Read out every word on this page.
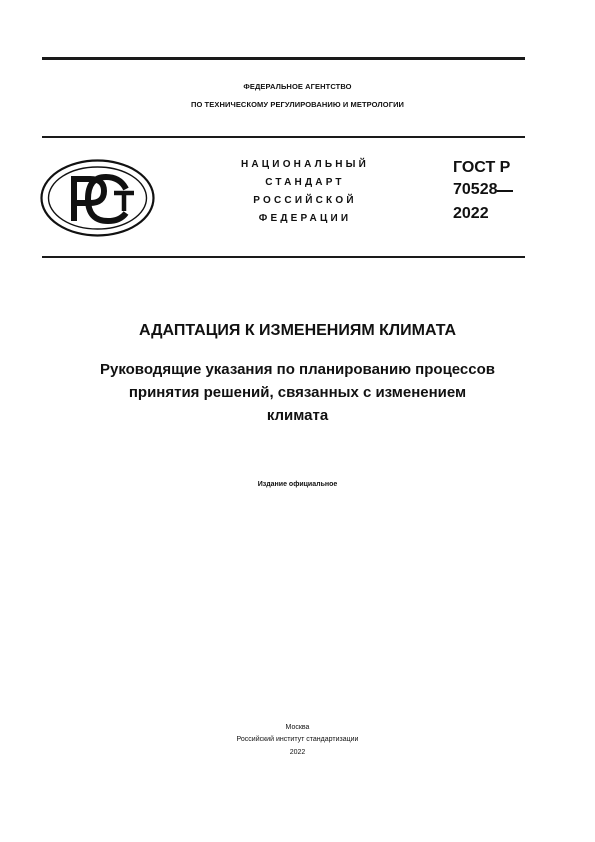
ФЕДЕРАЛЬНОЕ АГЕНТСТВО
ПО ТЕХНИЧЕСКОМУ РЕГУЛИРОВАНИЮ И МЕТРОЛОГИИ
НАЦИОНАЛЬНЫЙ
СТАНДАРТ
РОССИЙСКОЙ
ФЕДЕРАЦИИ
ГОСТ Р
70528
2022
АДАПТАЦИЯ К ИЗМЕНЕНИЯМ КЛИМАТА
Руководящие указания по планированию процессов
принятия решений, связанных с изменением
климата
Издание официальное
Москва
Российский институт стандартизации
2022
